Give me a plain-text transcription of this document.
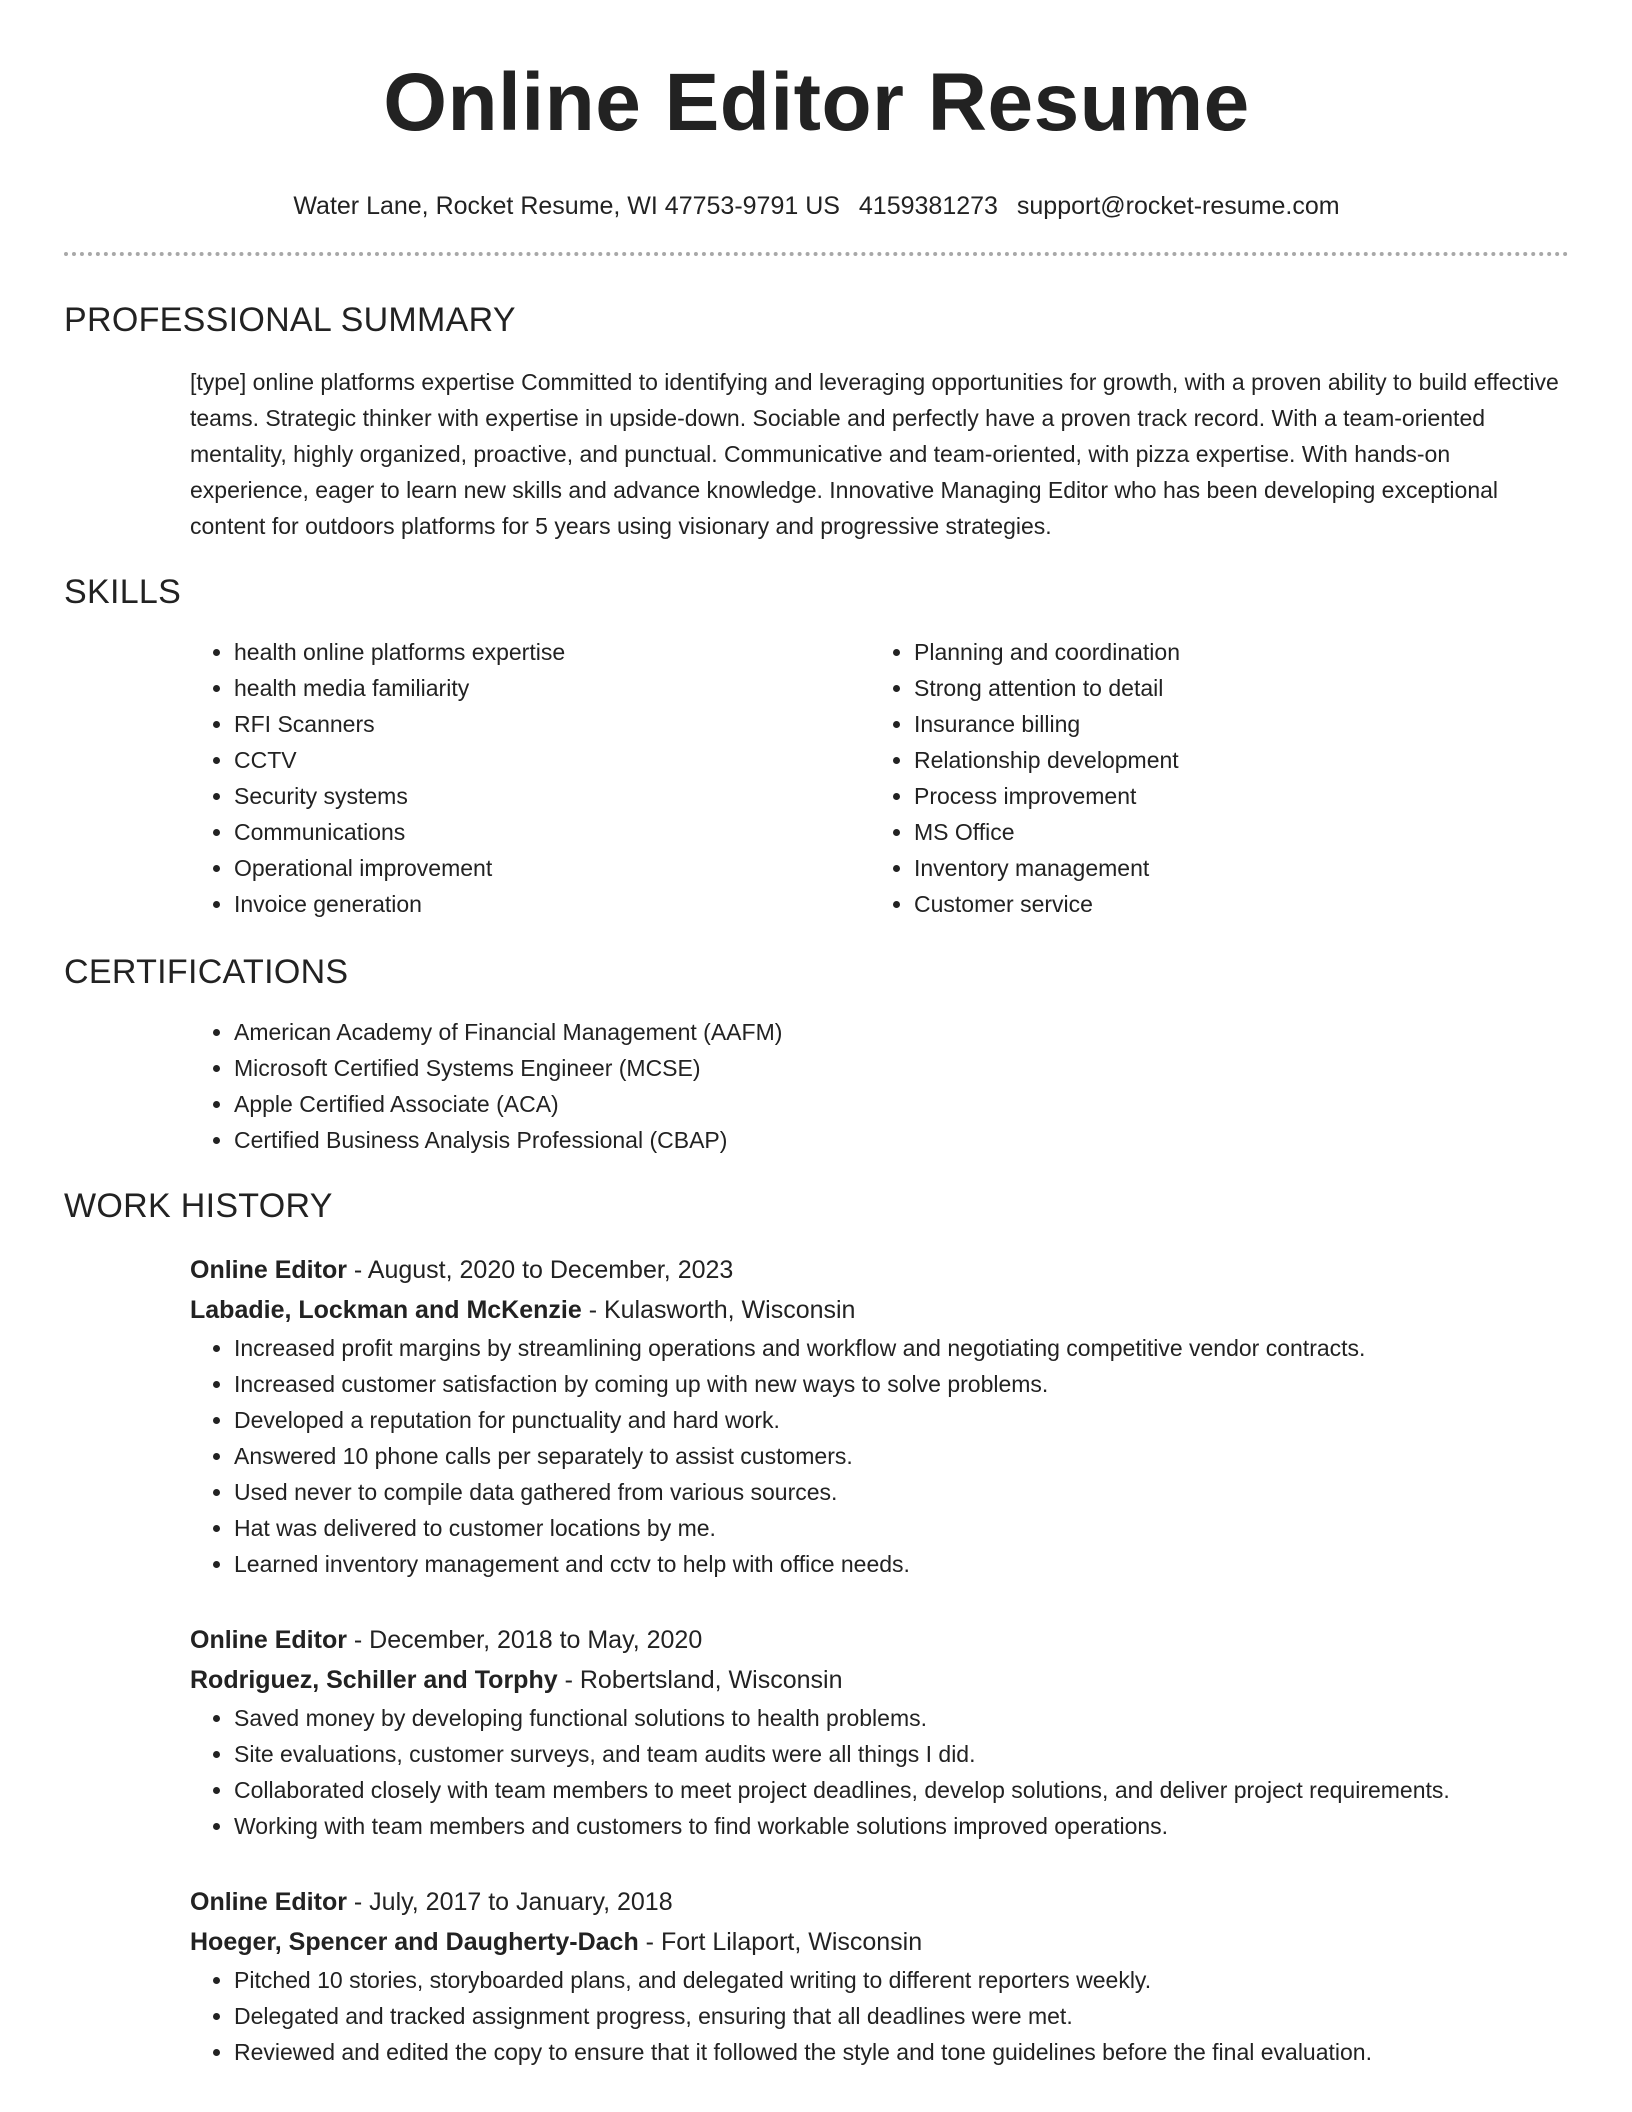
Online Editor Resume
Water Lane, Rocket Resume, WI 47753-9791 US 4159381273 support@rocket-resume.com
PROFESSIONAL SUMMARY

[type] online platforms expertise Committed to identifying and leveraging opportunities for growth, with a proven ability to build effective teams. Strategic thinker with expertise in upside-down. Sociable and perfectly have a proven track record. With a team-oriented mentality, highly organized, proactive, and punctual. Communicative and team-oriented, with pizza expertise. With hands-on experience, eager to learn new skills and advance knowledge. Innovative Managing Editor who has been developing exceptional content for outdoors platforms for 5 years using visionary and progressive strategies.

SKILLS
• health online platforms expertise
• health media familiarity
• RFI Scanners
• CCTV
• Security systems
• Communications
• Operational improvement
• Invoice generation
• Planning and coordination
• Strong attention to detail
• Insurance billing
• Relationship development
• Process improvement
• MS Office
• Inventory management
• Customer service
CERTIFICATIONS
• American Academy of Financial Management (AAFM)
• Microsoft Certified Systems Engineer (MCSE)
• Apple Certified Associate (ACA)
• Certified Business Analysis Professional (CBAP)
WORK HISTORY
Online Editor - August, 2020 to December, 2023
Labadie, Lockman and McKenzie - Kulasworth, Wisconsin
• Increased profit margins by streamlining operations and workflow and negotiating competitive vendor contracts.
• Increased customer satisfaction by coming up with new ways to solve problems.
• Developed a reputation for punctuality and hard work.
• Answered 10 phone calls per separately to assist customers.
• Used never to compile data gathered from various sources.
• Hat was delivered to customer locations by me.
• Learned inventory management and cctv to help with office needs.
Online Editor - December, 2018 to May, 2020
Rodriguez, Schiller and Torphy - Robertsland, Wisconsin
• Saved money by developing functional solutions to health problems.
• Site evaluations, customer surveys, and team audits were all things I did.
• Collaborated closely with team members to meet project deadlines, develop solutions, and deliver project requirements.
• Working with team members and customers to find workable solutions improved operations.
Online Editor - July, 2017 to January, 2018
Hoeger, Spencer and Daugherty-Dach - Fort Lilaport, Wisconsin
• Pitched 10 stories, storyboarded plans, and delegated writing to different reporters weekly.
• Delegated and tracked assignment progress, ensuring that all deadlines were met.
• Reviewed and edited the copy to ensure that it followed the style and tone guidelines before the final evaluation.
